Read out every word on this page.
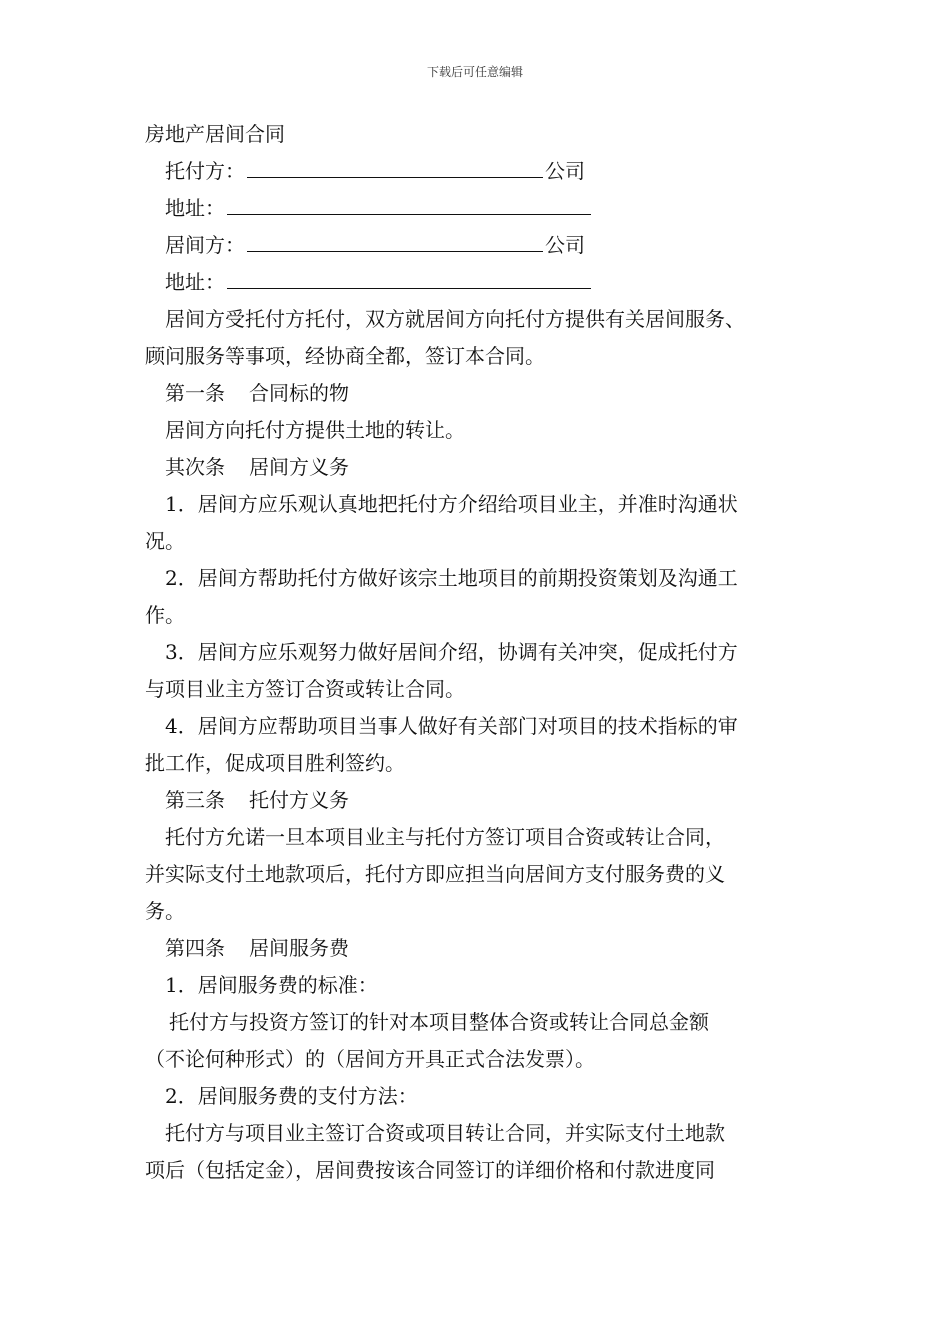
下载后可任意编辑
房地产居间合同
托付方：	公司
地址：
居间方：	公司
地址：
居间方受托付方托付，双方就居间方向托付方提供有关居间服务、
顾问服务等事项，经协商全都，签订本合同。
第一条 合同标的物
居间方向托付方提供土地的转让。
其次条 居间方义务
1．居间方应乐观认真地把托付方介绍给项目业主，并准时沟通状
况。
2．居间方帮助托付方做好该宗土地项目的前期投资策划及沟通工
作。
3．居间方应乐观努力做好居间介绍，协调有关冲突，促成托付方
与项目业主方签订合资或转让合同。
4．居间方应帮助项目当事人做好有关部门对项目的技术指标的审
批工作，促成项目胜利签约。
第三条 托付方义务
托付方允诺一旦本项目业主与托付方签订项目合资或转让合同，
并实际支付土地款项后，托付方即应担当向居间方支付服务费的义
务。
第四条 居间服务费
1．居间服务费的标准：
托付方与投资方签订的针对本项目整体合资或转让合同总金额
（不论何种形式）的（居间方开具正式合法发票）。
2．居间服务费的支付方法：
托付方与项目业主签订合资或项目转让合同，并实际支付土地款
项后（包括定金），居间费按该合同签订的详细价格和付款进度同
